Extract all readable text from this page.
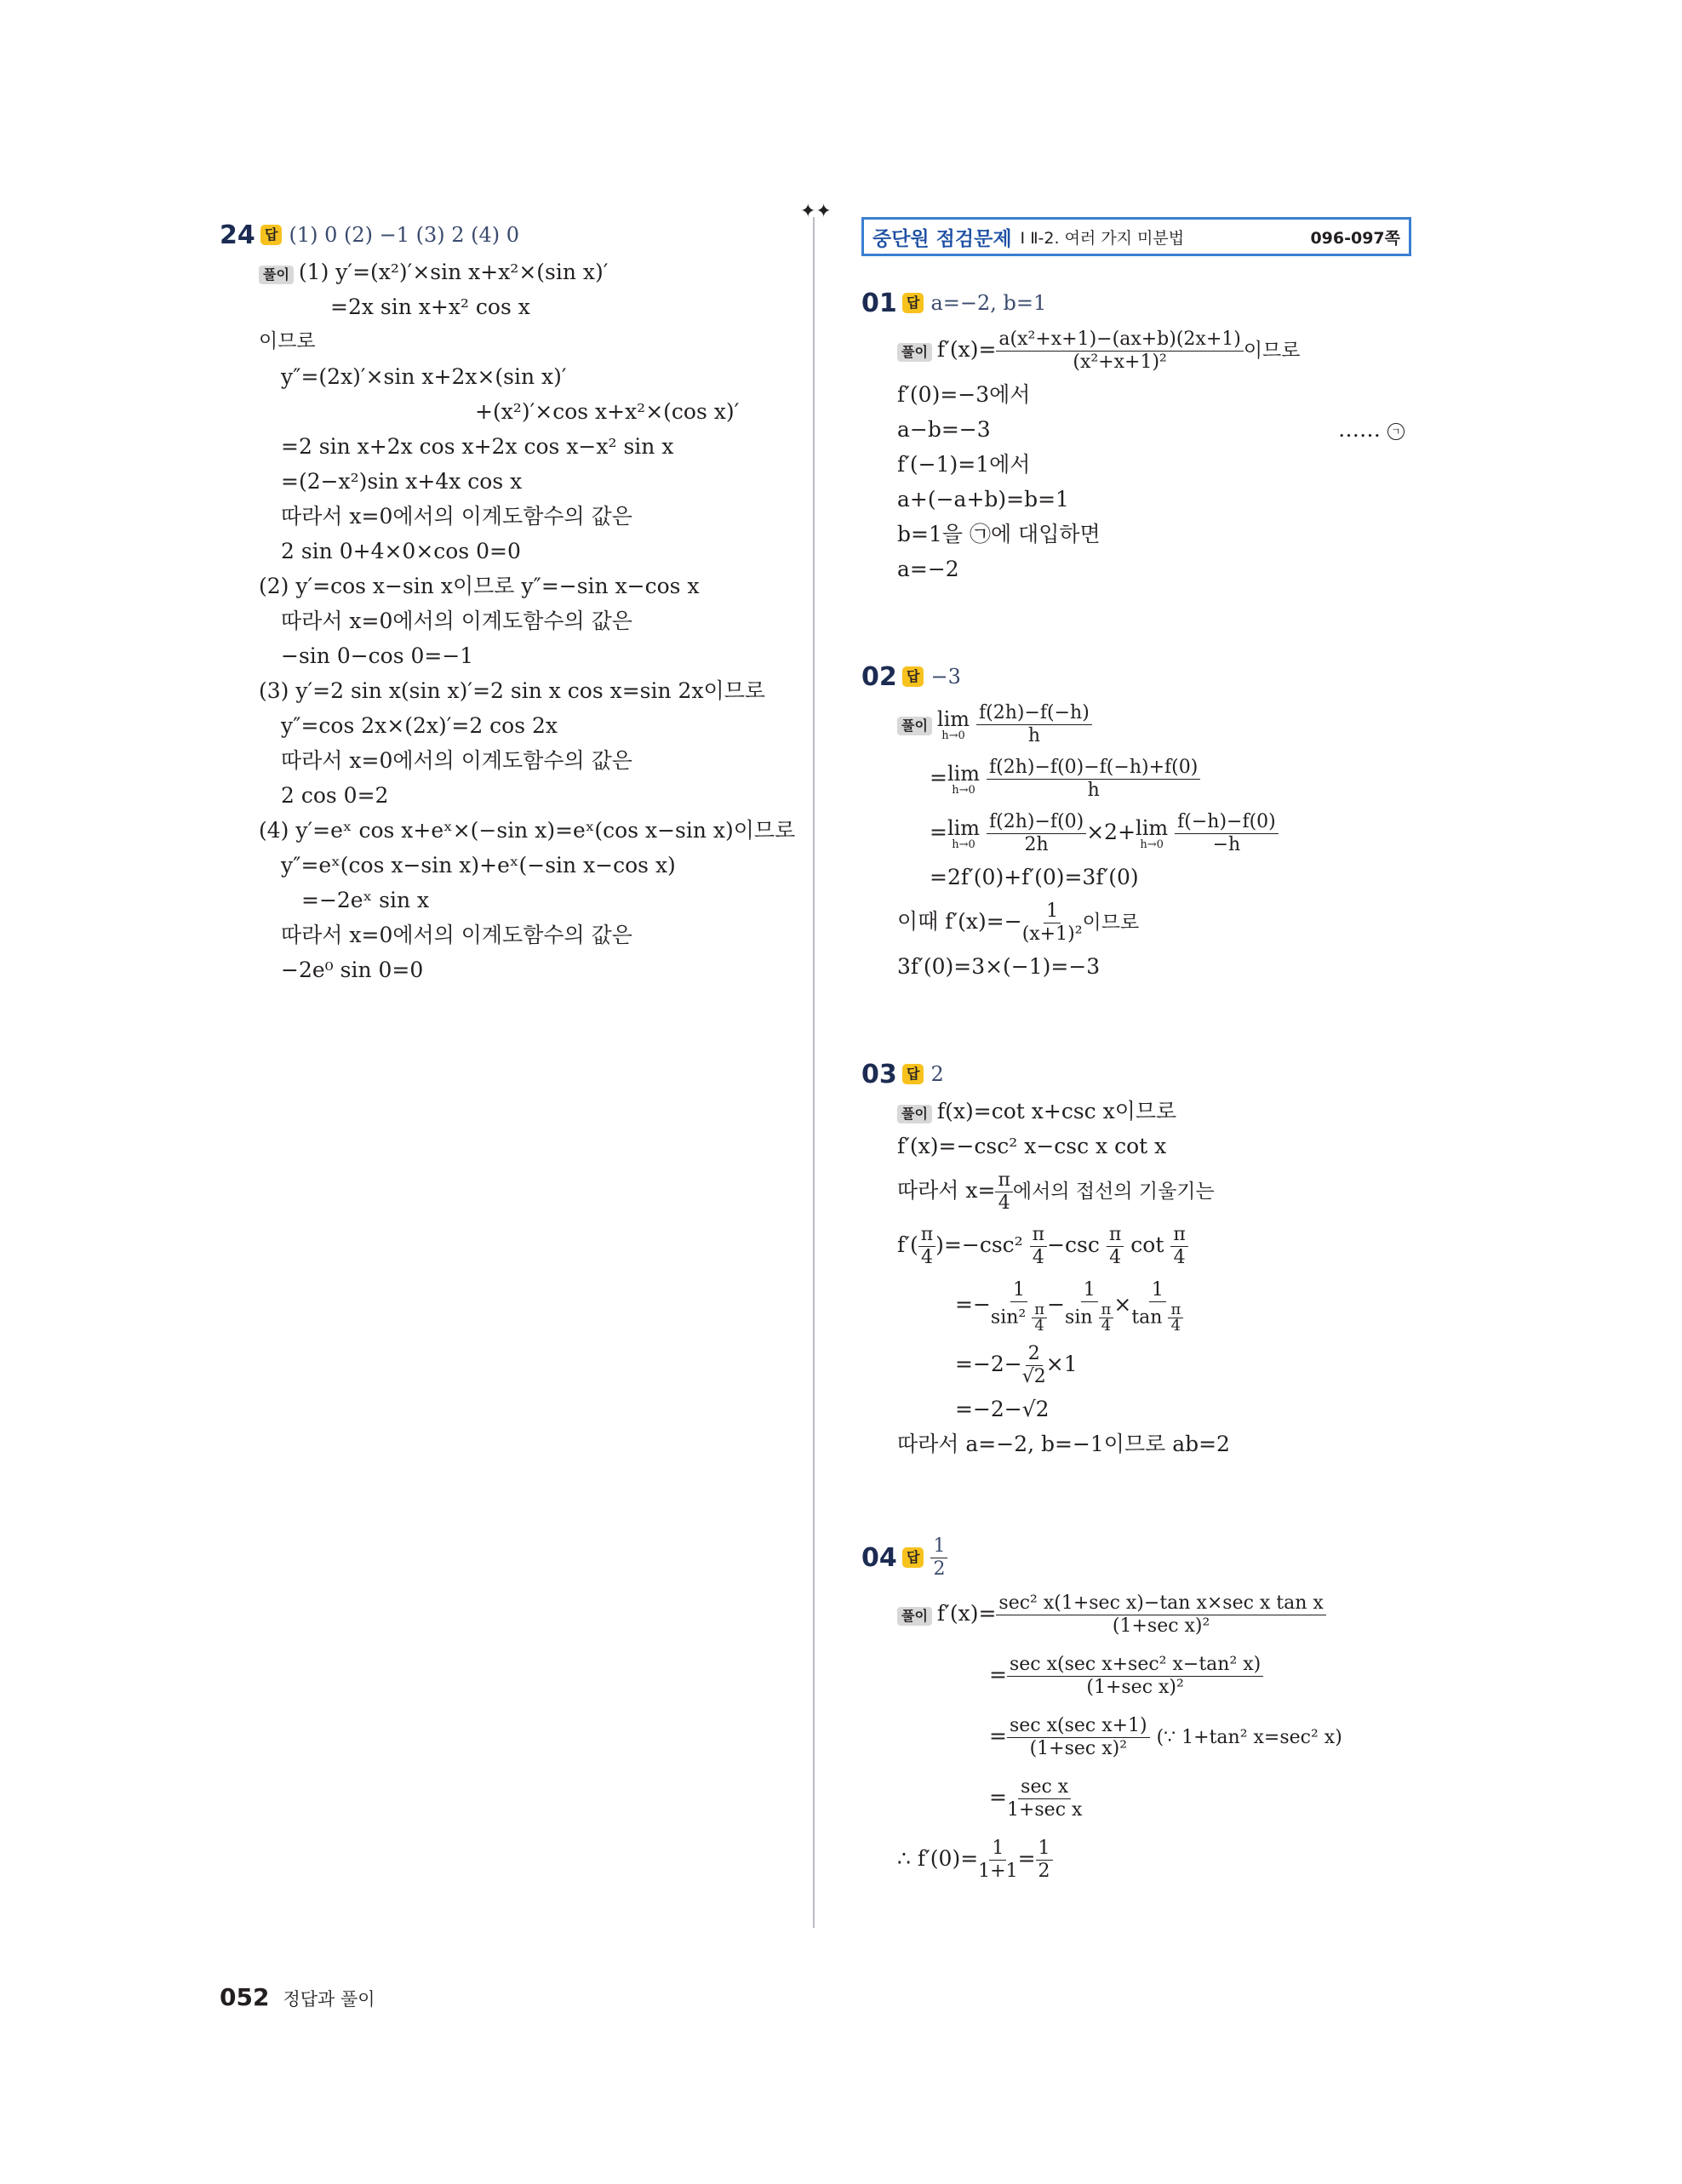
✦✦
24 답 (1) 0 (2) −1 (3) 2 (4) 0
풀이 (1) y′=(x²)′×sin x+x²×(sin x)′
=2x sin x+x² cos x
이므로
y″=(2x)′×sin x+2x×(sin x)′
+(x²)′×cos x+x²×(cos x)′
=2 sin x+2x cos x+2x cos x−x² sin x
=(2−x²)sin x+4x cos x
따라서 x=0에서의 이계도함수의 값은
2 sin 0+4×0×cos 0=0
(2) y′=cos x−sin x이므로 y″=−sin x−cos x
따라서 x=0에서의 이계도함수의 값은
−sin 0−cos 0=−1
(3) y′=2 sin x(sin x)′=2 sin x cos x=sin 2x이므로
y″=cos 2x×(2x)′=2 cos 2x
따라서 x=0에서의 이계도함수의 값은
2 cos 0=2
(4) y′=eˣ cos x+eˣ×(−sin x)=eˣ(cos x−sin x)이므로
y″=eˣ(cos x−sin x)+eˣ(−sin x−cos x)
=−2eˣ sin x
따라서 x=0에서의 이계도함수의 값은
−2e⁰ sin 0=0
중단원 점검문제 Ⅰ Ⅱ-2. 여러 가지 미분법	096-097쪽
01 답 a=−2, b=1
풀이 $f'(x)= \frac{\text{a(x²+x+1)−(ax+b)(2x+1)}}{\text{(x²+x+1)²}}$ 이므로
f′(0)=−3에서
a−b=−3	…… ㄱ
f′(−1)=1에서
a+(−a+b)=b=1
b=1을 ㉠에 대입하면
a=−2
02 답 −3
풀이 lim
h→0
$\frac{f(2h)-f(-h)}{h}$
= lim
h→0
$\frac{f(2h)-f(0)-f(-h)+f(0)}{h}$
= lim
h→0
$\frac{f(2h)-f(0)}{2h} \times 2+ \lim$
h→0
$\frac{f(-h)-f(0)}{-h}$
=2f′(0)+f′(0)=3f′(0)
이때 $f'(x)=- \frac{1}{\text{(x+1)²}}$ 이므로
3f′(0)=3×(−1)=−3
03 답 2
풀이 f(x)=cot x+csc x이므로
f′(x)=−csc² x−csc x cot x
따라서 $x= \frac{\pi}{4}$ 에서의 접선의 기울기는
$f'( \frac{\pi}{4} )=-\csc^2 \frac{\pi}{4} -\csc \frac{\pi}{4}$ $\cot \frac{\pi}{4}$
=− $\frac{1}{\sin^2 \frac{\pi}{4}} - \frac{1}{\sin \frac{\pi}{4}} \times \frac{1}{\tan \frac{\pi}{4}}$
$=-2- \frac{2}{√2} \times 1$
=−2−√2
따라서 a=−2, b=−1이므로 ab=2
04 답 $\frac{1}{2}$
풀이 $f'(x)= \frac{\text{sec² x(1+sec x)−tan x×sec x tan x}}{\text{(1+sec x)²}}$
= $\frac{\text{sec x(sec x+sec² x−tan² x)}}{\text{(1+sec x)²}}$
= $\frac{\text{sec x(sec x+1)}}{\text{(1+sec x)²}}$ (∵ 1+tan² x=sec² x)
= $\frac{\text{sec x}}{\text{1+sec x}}$
∴ $f'(0)= \frac{1}{1+1} = \frac{1}{2}$
052 정답과 풀이
